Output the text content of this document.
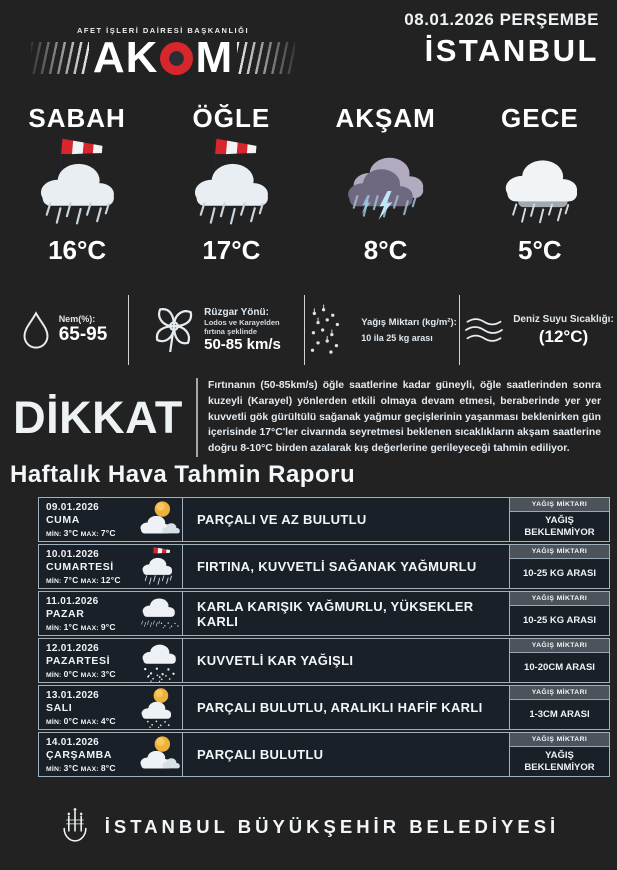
AFET İŞLERİ DAİRESİ BAŞKANLIĞI
AK M
08.01.2026 PERŞEMBE
İSTANBUL
SABAH
16°C
ÖĞLE
17°C
AKŞAM
8°C
GECE
5°C
Nem(%):
65-95
Rüzgar Yönü:
Lodos ve Karayelden
fırtına şeklinde
50-85 km/s
Yağış Miktarı (kg/m²):
10 ila 25 kg arası
Deniz Suyu Sıcaklığı:
(12°C)
DİKKAT
Fırtınanın (50-85km/s) öğle saatlerine kadar güneyli, öğle saatlerinden sonra kuzeyli (Karayel) yönlerden etkili olmaya devam etmesi, beraberinde yer yer kuvvetli gök gürültülü sağanak yağmur geçişlerinin yaşanması beklenirken gün içerisinde 17°C'ler civarında seyretmesi beklenen sıcaklıkların akşam saatlerine doğru 8-10°C birden azalarak kış değerlerine gerileyeceği tahmin ediliyor.
Haftalık Hava Tahmin Raporu
09.01.2026
CUMA
MİN: 3°C MAX: 7°C
PARÇALI VE AZ BULUTLU
YAĞIŞ MİKTARI
YAĞIŞ BEKLENMİYOR
10.01.2026
CUMARTESİ
MİN: 7°C MAX: 12°C
FIRTINA, KUVVETLİ SAĞANAK YAĞMURLU
YAĞIŞ MİKTARI
10-25 KG ARASI
11.01.2026
PAZAR
MİN: 1°C MAX: 9°C
KARLA KARIŞIK YAĞMURLU, YÜKSEKLER KARLI
YAĞIŞ MİKTARI
10-25 KG ARASI
12.01.2026
PAZARTESİ
MİN: 0°C MAX: 3°C
KUVVETLİ KAR YAĞIŞLI
YAĞIŞ MİKTARI
10-20CM ARASI
13.01.2026
SALI
MİN: 0°C MAX: 4°C
PARÇALI BULUTLU, ARALIKLI HAFİF KARLI
YAĞIŞ MİKTARI
1-3CM ARASI
14.01.2026
ÇARŞAMBA
MİN: 3°C MAX: 8°C
PARÇALI BULUTLU
YAĞIŞ MİKTARI
YAĞIŞ BEKLENMİYOR
İSTANBUL BÜYÜKŞEHİR BELEDİYESİ
